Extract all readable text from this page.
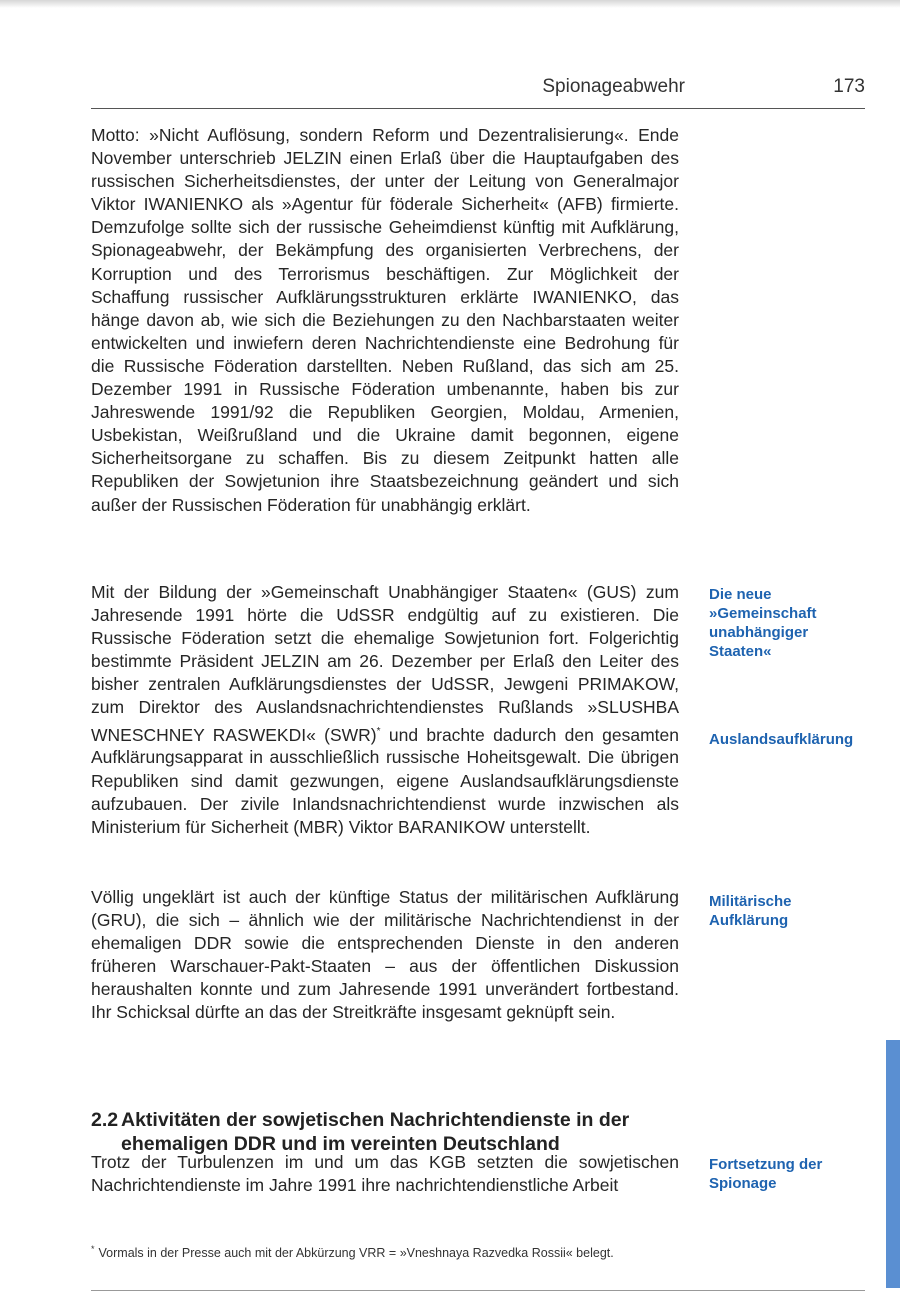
Spionageabwehr	173

Motto: »Nicht Auflösung, sondern Reform und Dezentralisierung«. Ende November unterschrieb JELZIN einen Erlaß über die Hauptaufgaben des russischen Sicherheitsdienstes, der unter der Leitung von Generalmajor Viktor IWANIENKO als »Agentur für föderale Sicherheit« (AFB) firmierte. Demzufolge sollte sich der russische Geheimdienst künftig mit Aufklärung, Spionageabwehr, der Bekämpfung des organisierten Verbrechens, der Korruption und des Terrorismus beschäftigen. Zur Möglichkeit der Schaffung russischer Aufklärungsstrukturen erklärte IWANIENKO, das hänge davon ab, wie sich die Beziehungen zu den Nachbarstaaten weiter entwickelten und inwiefern deren Nachrichtendienste eine Bedrohung für die Russische Föderation darstellten. Neben Rußland, das sich am 25. Dezember 1991 in Russische Föderation umbenannte, haben bis zur Jahreswende 1991/92 die Republiken Georgien, Moldau, Armenien, Usbekistan, Weißrußland und die Ukraine damit begonnen, eigene Sicherheitsorgane zu schaffen. Bis zu diesem Zeitpunkt hatten alle Republiken der Sowjetunion ihre Staatsbezeichnung geändert und sich außer der Russischen Föderation für unabhängig erklärt.

Mit der Bildung der »Gemeinschaft Unabhängiger Staaten« (GUS) zum Jahresende 1991 hörte die UdSSR endgültig auf zu existieren. Die Russische Föderation setzt die ehemalige Sowjetunion fort. Folgerichtig bestimmte Präsident JELZIN am 26. Dezember per Erlaß den Leiter des bisher zentralen Aufklärungsdienstes der UdSSR, Jewgeni PRIMAKOW, zum Direktor des Auslandsnachrichtendienstes Rußlands »SLUSHBA WNESCHNEY RASWEKDI« (SWR)* und brachte dadurch den gesamten Aufklärungsapparat in ausschließlich russische Hoheitsgewalt. Die übrigen Republiken sind damit gezwungen, eigene Auslandsaufklärungsdienste aufzubauen. Der zivile Inlandsnachrichtendienst wurde inzwischen als Ministerium für Sicherheit (MBR) Viktor BARANIKOW unterstellt.

Völlig ungeklärt ist auch der künftige Status der militärischen Aufklärung (GRU), die sich – ähnlich wie der militärische Nachrichtendienst in der ehemaligen DDR sowie die entsprechenden Dienste in den anderen früheren Warschauer-Pakt-Staaten – aus der öffentlichen Diskussion heraushalten konnte und zum Jahresende 1991 unverändert fortbestand. Ihr Schicksal dürfte an das der Streitkräfte insgesamt geknüpft sein.

2.2 Aktivitäten der sowjetischen Nachrichtendienste in der ehemaligen DDR und im vereinten Deutschland

Trotz der Turbulenzen im und um das KGB setzten die sowjetischen Nachrichtendienste im Jahre 1991 ihre nachrichtendienstliche Arbeit

Die neue »Gemeinschaft unabhängiger Staaten«
Auslandsaufklärung
Militärische Aufklärung
Fortsetzung der Spionage
* Vormals in der Presse auch mit der Abkürzung VRR = »Vneshnaya Razvedka Rossii« belegt.
